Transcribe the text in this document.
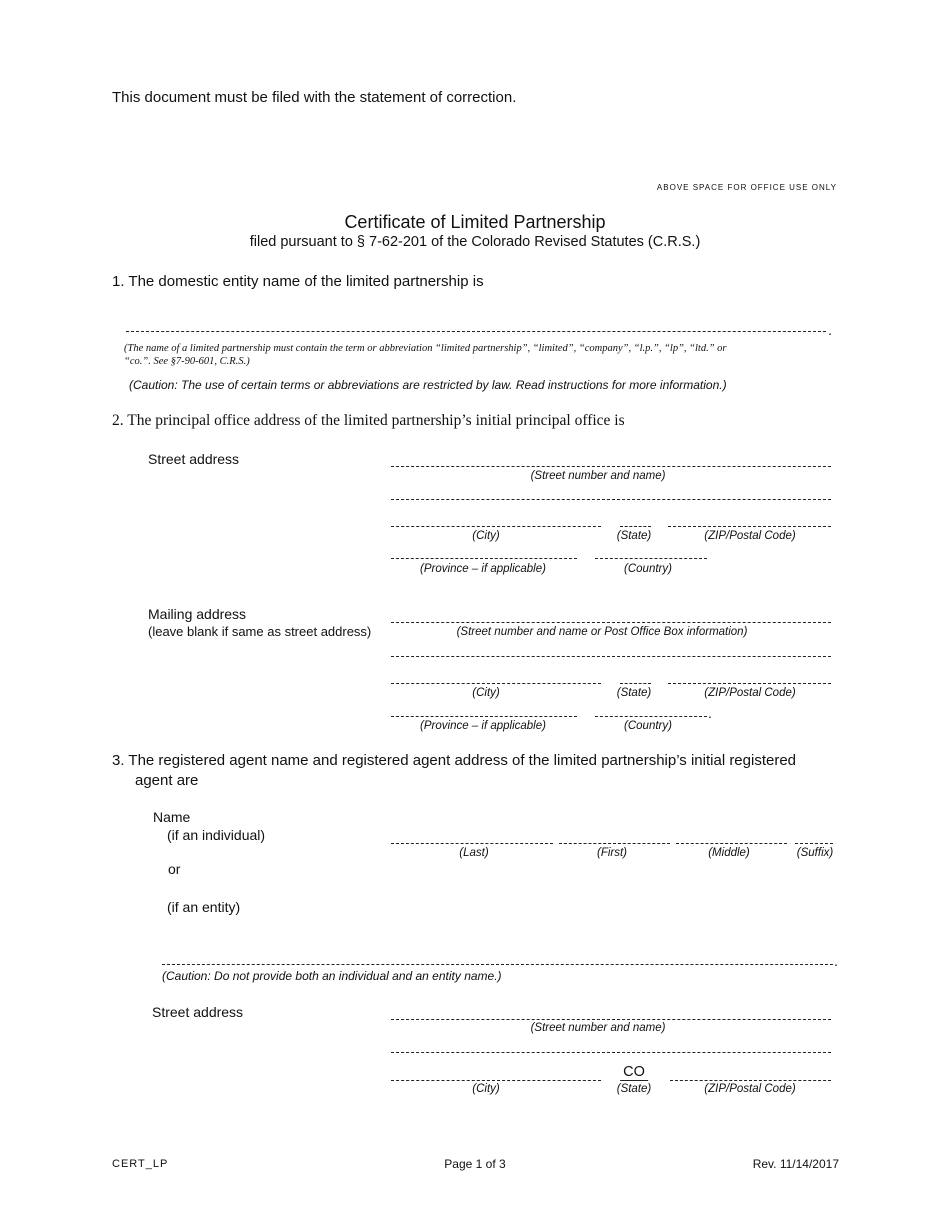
This document must be filed with the statement of correction.
ABOVE SPACE FOR OFFICE USE ONLY
Certificate of Limited Partnership
filed pursuant to § 7-62-201 of the Colorado Revised Statutes (C.R.S.)
1. The domestic entity name of the limited partnership is
.
(The name of a limited partnership must contain the term or abbreviation “limited partnership”, “limited”, “company”, “l.p.”, “lp”, “ltd.” or
“co.”. See §7-90-601, C.R.S.)
(Caution: The use of certain terms or abbreviations are restricted by law. Read instructions for more information.)
2. The principal office address of the limited partnership’s initial principal office is
Street address
(Street number and name)
(City)	(State)	(ZIP/Postal Code)
(Province – if applicable)	(Country)
Mailing address
(leave blank if same as street address)	(Street number and name or Post Office Box information)
(City)	(State)	(ZIP/Postal Code)
.
(Province – if applicable)	(Country)
3. The registered agent name and registered agent address of the limited partnership’s initial registered
agent are
Name
(if an individual)
or
(if an entity)
(Last)	(First)	(Middle)	(Suffix)
.
(Caution: Do not provide both an individual and an entity name.)
Street address
(Street number and name)
CO
(City)	(State)	(ZIP/Postal Code)
CERT_LP	Page 1 of 3	Rev. 11/14/2017
